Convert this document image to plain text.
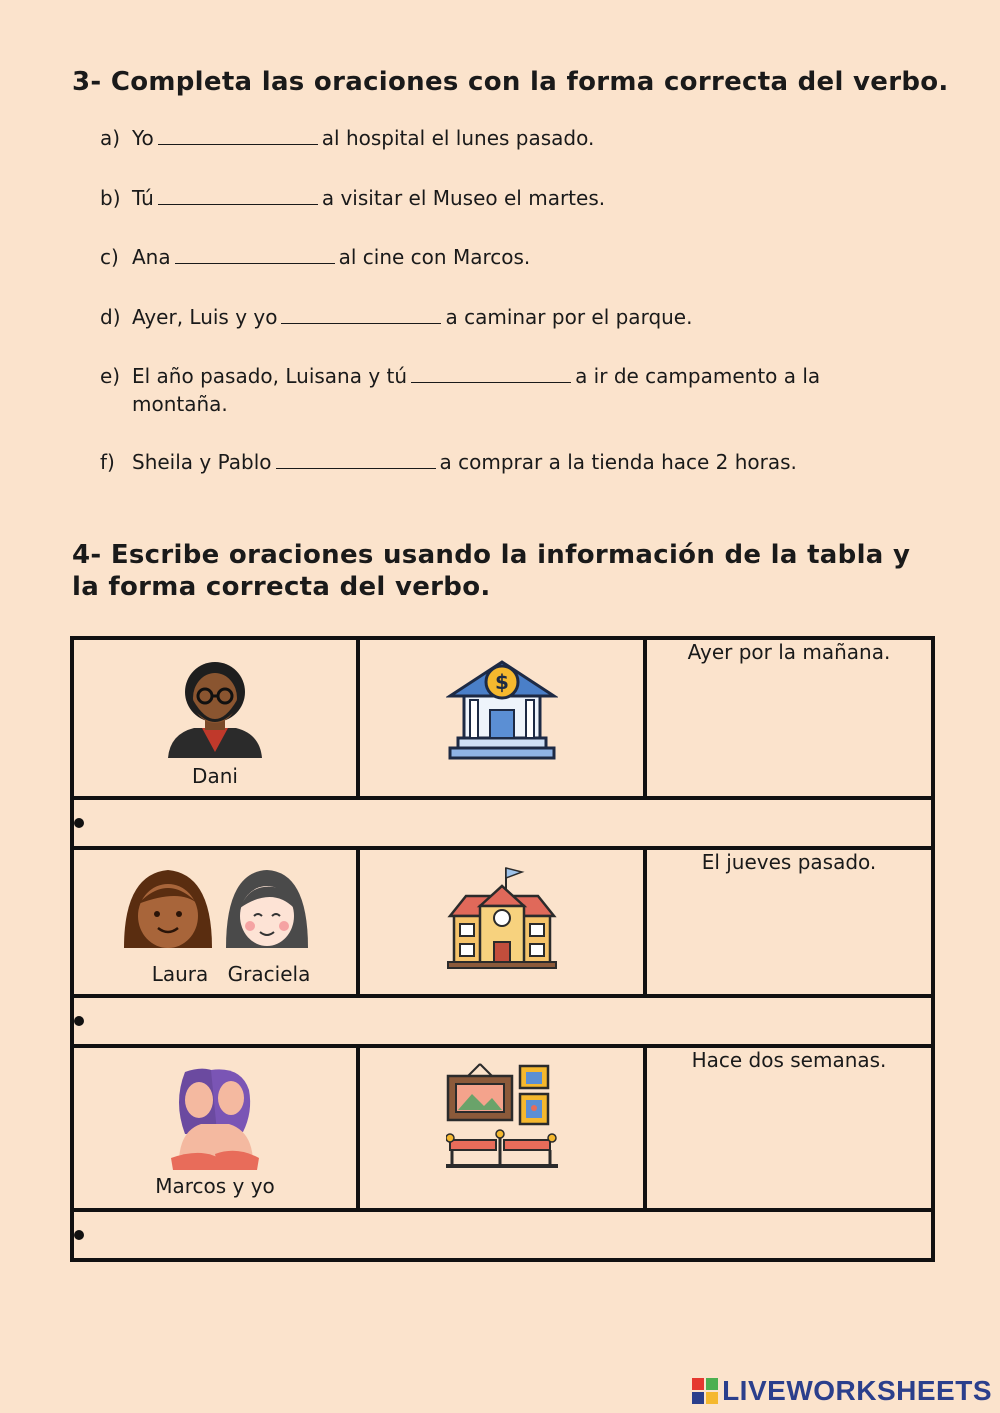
3- Completa las oraciones con la forma correcta del verbo.
a) Yo	al hospital el lunes pasado.
b) Tú	a visitar el Museo el martes.
c) Ana	al cine con Marcos.
d) Ayer, Luis y yo	a caminar por el parque.
e) El año pasado, Luisana y tú	a ir de campamento a la montaña.
f) Sheila y Pablo	a comprar a la tienda hace 2 horas.
4- Escribe oraciones usando la información de la tabla y la forma correcta del verbo.
Dani	$	Ayer por la mañana.

Laura Graciela		El jueves pasado.

Marcos y yo		Hace dos semanas.

LIVEWORKSHEETS
